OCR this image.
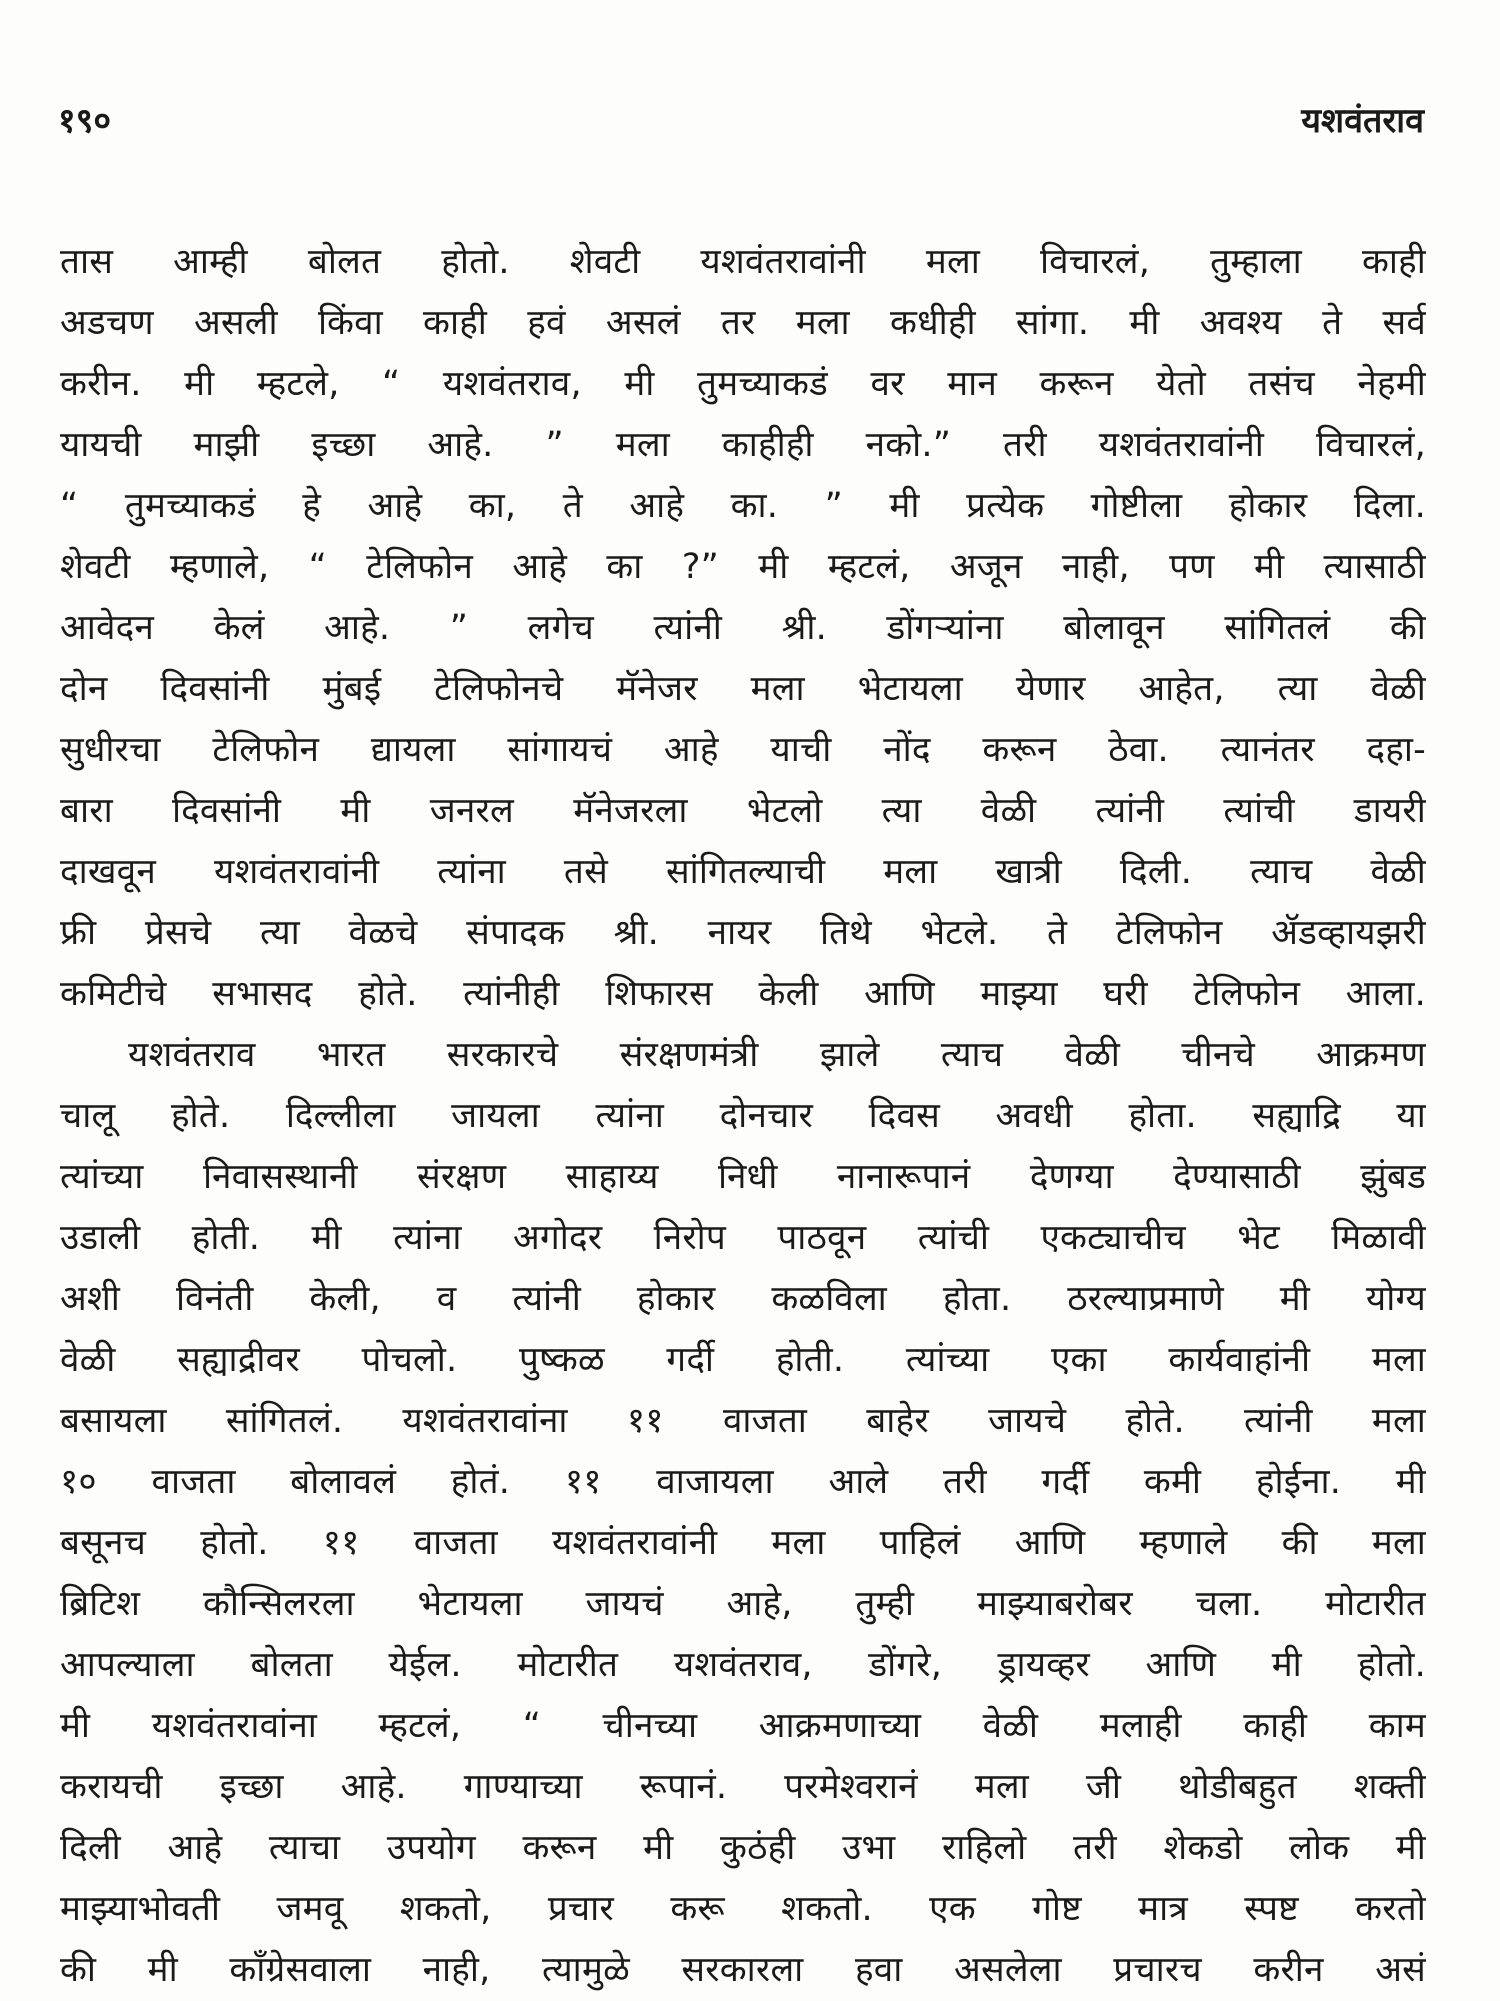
१९०	यशवंतराव
तास आम्ही बोलत होतो. शेवटी यशवंतरावांनी मला विचारलं, तुम्हाला काही
अडचण असली किंवा काही हवं असलं तर मला कधीही सांगा. मी अवश्य ते सर्व
करीन. मी म्हटले, “ यशवंतराव, मी तुमच्याकडं वर मान करून येतो तसंच नेहमी
यायची माझी इच्छा आहे. ” मला काहीही नको.” तरी यशवंतरावांनी विचारलं,
“ तुमच्याकडं हे आहे का, ते आहे का. ” मी प्रत्येक गोष्टीला होकार दिला.
शेवटी म्हणाले, “ टेलिफोन आहे का ?” मी म्हटलं, अजून नाही, पण मी त्यासाठी
आवेदन केलं आहे. ” लगेच त्यांनी श्री. डोंगऱ्यांना बोलावून सांगितलं की
दोन दिवसांनी मुंबई टेलिफोनचे मॅनेजर मला भेटायला येणार आहेत, त्या वेळी
सुधीरचा टेलिफोन द्यायला सांगायचं आहे याची नोंद करून ठेवा. त्यानंतर दहा-
बारा दिवसांनी मी जनरल मॅनेजरला भेटलो त्या वेळी त्यांनी त्यांची डायरी
दाखवून यशवंतरावांनी त्यांना तसे सांगितल्याची मला खात्री दिली. त्याच वेळी
फ्री प्रेसचे त्या वेळचे संपादक श्री. नायर तिथे भेटले. ते टेलिफोन ॲडव्हायझरी
कमिटीचे सभासद होते. त्यांनीही शिफारस केली आणि माझ्या घरी टेलिफोन आला.
यशवंतराव भारत सरकारचे संरक्षणमंत्री झाले त्याच वेळी चीनचे आक्रमण
चालू होते. दिल्लीला जायला त्यांना दोनचार दिवस अवधी होता. सह्याद्रि या
त्यांच्या निवासस्थानी संरक्षण साहाय्य निधी नानारूपानं देणग्या देण्यासाठी झुंबड
उडाली होती. मी त्यांना अगोदर निरोप पाठवून त्यांची एकट्याचीच भेट मिळावी
अशी विनंती केली, व त्यांनी होकार कळविला होता. ठरल्याप्रमाणे मी योग्य
वेळी सह्याद्रीवर पोचलो. पुष्कळ गर्दी होती. त्यांच्या एका कार्यवाहांनी मला
बसायला सांगितलं. यशवंतरावांना ११ वाजता बाहेर जायचे होते. त्यांनी मला
१० वाजता बोलावलं होतं. ११ वाजायला आले तरी गर्दी कमी होईना. मी
बसूनच होतो. ११ वाजता यशवंतरावांनी मला पाहिलं आणि म्हणाले की मला
ब्रिटिश कौन्सिलरला भेटायला जायचं आहे, तुम्ही माझ्याबरोबर चला. मोटारीत
आपल्याला बोलता येईल. मोटारीत यशवंतराव, डोंगरे, ड्रायव्हर आणि मी होतो.
मी यशवंतरावांना म्हटलं, “ चीनच्या आक्रमणाच्या वेळी मलाही काही काम
करायची इच्छा आहे. गाण्याच्या रूपानं. परमेश्वरानं मला जी थोडीबहुत शक्ती
दिली आहे त्याचा उपयोग करून मी कुठंही उभा राहिलो तरी शेकडो लोक मी
माझ्याभोवती जमवू शकतो, प्रचार करू शकतो. एक गोष्ट मात्र स्पष्ट करतो
की मी काँग्रेसवाला नाही, त्यामुळे सरकारला हवा असलेला प्रचारच करीन असं
